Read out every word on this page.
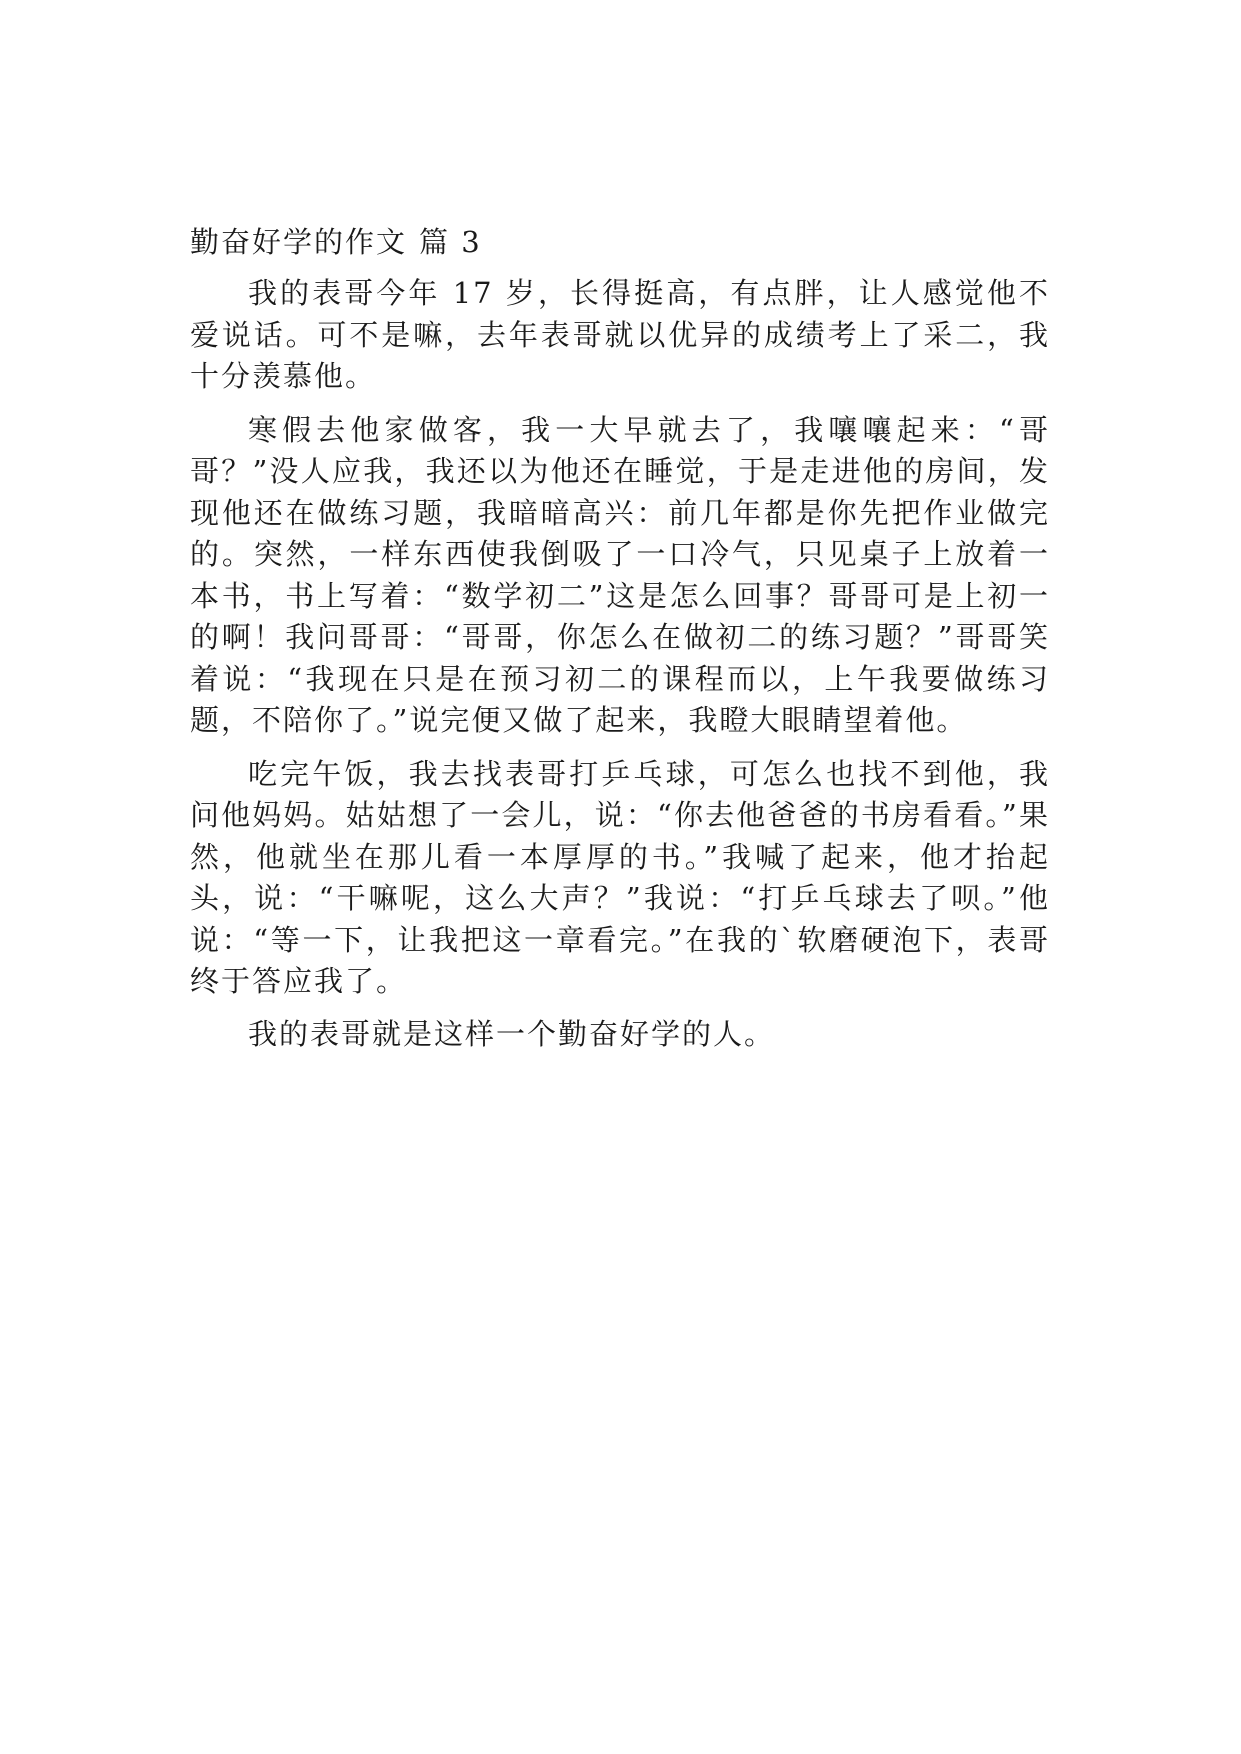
勤奋好学的作文 篇 3

我的表哥今年 17 岁，长得挺高，有点胖，让人感觉他不爱说话。可不是嘛，去年表哥就以优异的成绩考上了采二，我十分羡慕他。

寒假去他家做客，我一大早就去了，我嚷嚷起来：“哥哥？”没人应我，我还以为他还在睡觉，于是走进他的房间，发现他还在做练习题，我暗暗高兴：前几年都是你先把作业做完的。突然，一样东西使我倒吸了一口冷气，只见桌子上放着一本书，书上写着：“数学初二”这是怎么回事？哥哥可是上初一的啊！我问哥哥：“哥哥，你怎么在做初二的练习题？”哥哥笑着说：“我现在只是在预习初二的课程而以，上午我要做练习题，不陪你了。”说完便又做了起来，我瞪大眼睛望着他。

吃完午饭，我去找表哥打乒乓球，可怎么也找不到他，我问他妈妈。姑姑想了一会儿，说：“你去他爸爸的书房看看。”果然，他就坐在那儿看一本厚厚的书。”我喊了起来，他才抬起头，说：“干嘛呢，这么大声？”我说：“打乒乓球去了呗。”他说：“等一下，让我把这一章看完。”在我的`软磨硬泡下，表哥终于答应我了。

我的表哥就是这样一个勤奋好学的人。
